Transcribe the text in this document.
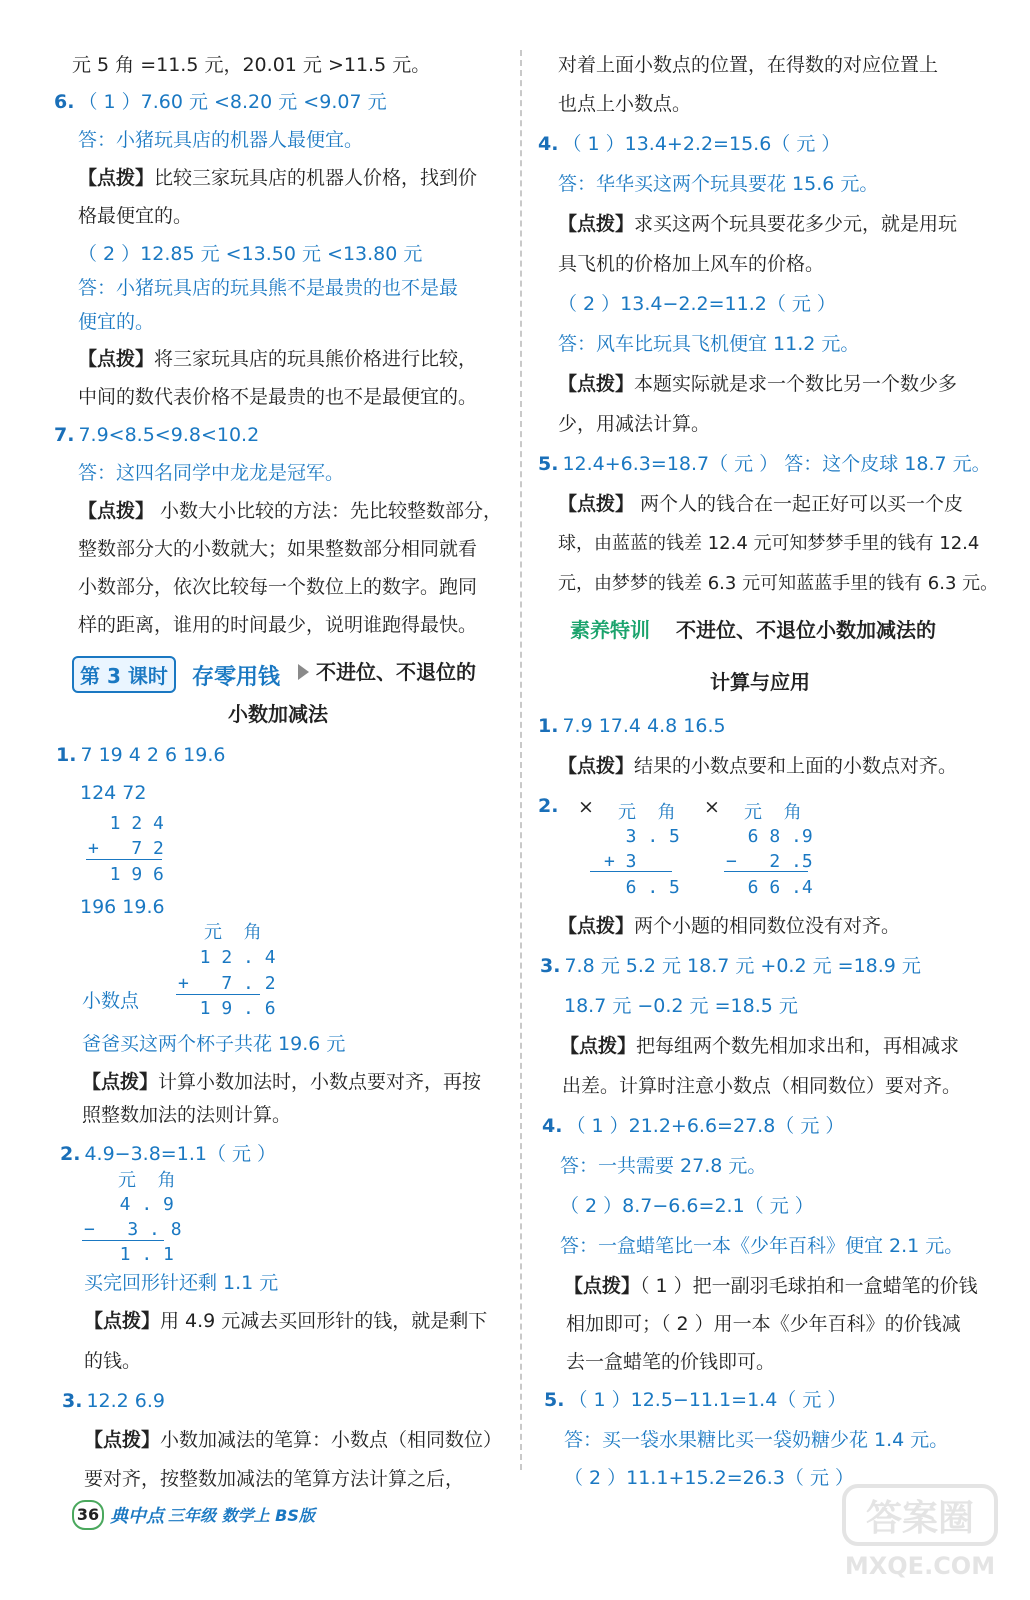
元 5 角 =11.5 元，20.01 元 >11.5 元。
6. （ 1 ）7.60 元 <8.20 元 <9.07 元
答：小猪玩具店的机器人最便宜。
【点拨】比较三家玩具店的机器人价格，找到价
格最便宜的。
（ 2 ）12.85 元 <13.50 元 <13.80 元
答：小猪玩具店的玩具熊不是最贵的也不是最
便宜的。
【点拨】将三家玩具店的玩具熊价格进行比较，
中间的数代表价格不是最贵的也不是最便宜的。
7. 7.9<8.5<9.8<10.2
答：这四名同学中龙龙是冠军。
【点拨】 小数大小比较的方法：先比较整数部分，
整数部分大的小数就大；如果整数部分相同就看
小数部分，依次比较每一个数位上的数字。跑同
样的距离，谁用的时间最少，说明谁跑得最快。
第 3 课时	存零用钱 不进位、不退位的
小数加减法
1. 7 19 4 2 6 19.6
124 72
1 2 4
+   7 2
1 9 6
196 19.6
元  角
1 2 . 4
+   7 . 2
1 9 . 6
小数点
爸爸买这两个杯子共花 19.6 元
【点拨】计算小数加法时，小数点要对齐，再按
照整数加法的法则计算。
2. 4.9−3.8=1.1（ 元 ）
元  角
4 . 9
−   3 . 8
1 . 1
买完回形针还剩 1.1 元
【点拨】用 4.9 元减去买回形针的钱，就是剩下
的钱。
3. 12.2 6.9
【点拨】小数加减法的笔算：小数点（相同数位）
要对齐，按整数加减法的笔算方法计算之后，
对着上面小数点的位置，在得数的对应位置上
也点上小数点。
4. （ 1 ）13.4+2.2=15.6（ 元 ）
答：华华买这两个玩具要花 15.6 元。
【点拨】求买这两个玩具要花多少元，就是用玩
具飞机的价格加上风车的价格。
（ 2 ）13.4−2.2=11.2（ 元 ）
答：风车比玩具飞机便宜 11.2 元。
【点拨】本题实际就是求一个数比另一个数少多
少，用减法计算。
5. 12.4+6.3=18.7（ 元 ） 答：这个皮球 18.7 元。
【点拨】 两个人的钱合在一起正好可以买一个皮
球，由蓝蓝的钱差 12.4 元可知梦梦手里的钱有 12.4
元，由梦梦的钱差 6.3 元可知蓝蓝手里的钱有 6.3 元。
素养特训 不进位、不退位小数加减法的
计算与应用
1. 7.9 17.4 4.8 16.5
【点拨】结果的小数点要和上面的小数点对齐。
2. × 元  角
3 . 5
+ 3
6 . 5
× 元  角
6 8 .9
−   2 .5
6 6 .4
【点拨】两个小题的相同数位没有对齐。
3. 7.8 元 5.2 元 18.7 元 +0.2 元 =18.9 元
18.7 元 −0.2 元 =18.5 元
【点拨】把每组两个数先相加求出和，再相减求
出差。计算时注意小数点（相同数位）要对齐。
4. （ 1 ）21.2+6.6=27.8（ 元 ）
答：一共需要 27.8 元。
（ 2 ）8.7−6.6=2.1（ 元 ）
答：一盒蜡笔比一本《少年百科》便宜 2.1 元。
【点拨】（ 1 ）把一副羽毛球拍和一盒蜡笔的价钱
相加即可；（ 2 ）用一本《少年百科》的价钱减
去一盒蜡笔的价钱即可。
5. （ 1 ）12.5−11.1=1.4（ 元 ）
答：买一袋水果糖比买一袋奶糖少花 1.4 元。
（ 2 ）11.1+15.2=26.3（ 元 ）
36 典中点 三年级 数学上 BS版	答案圈
MXQE.COM
